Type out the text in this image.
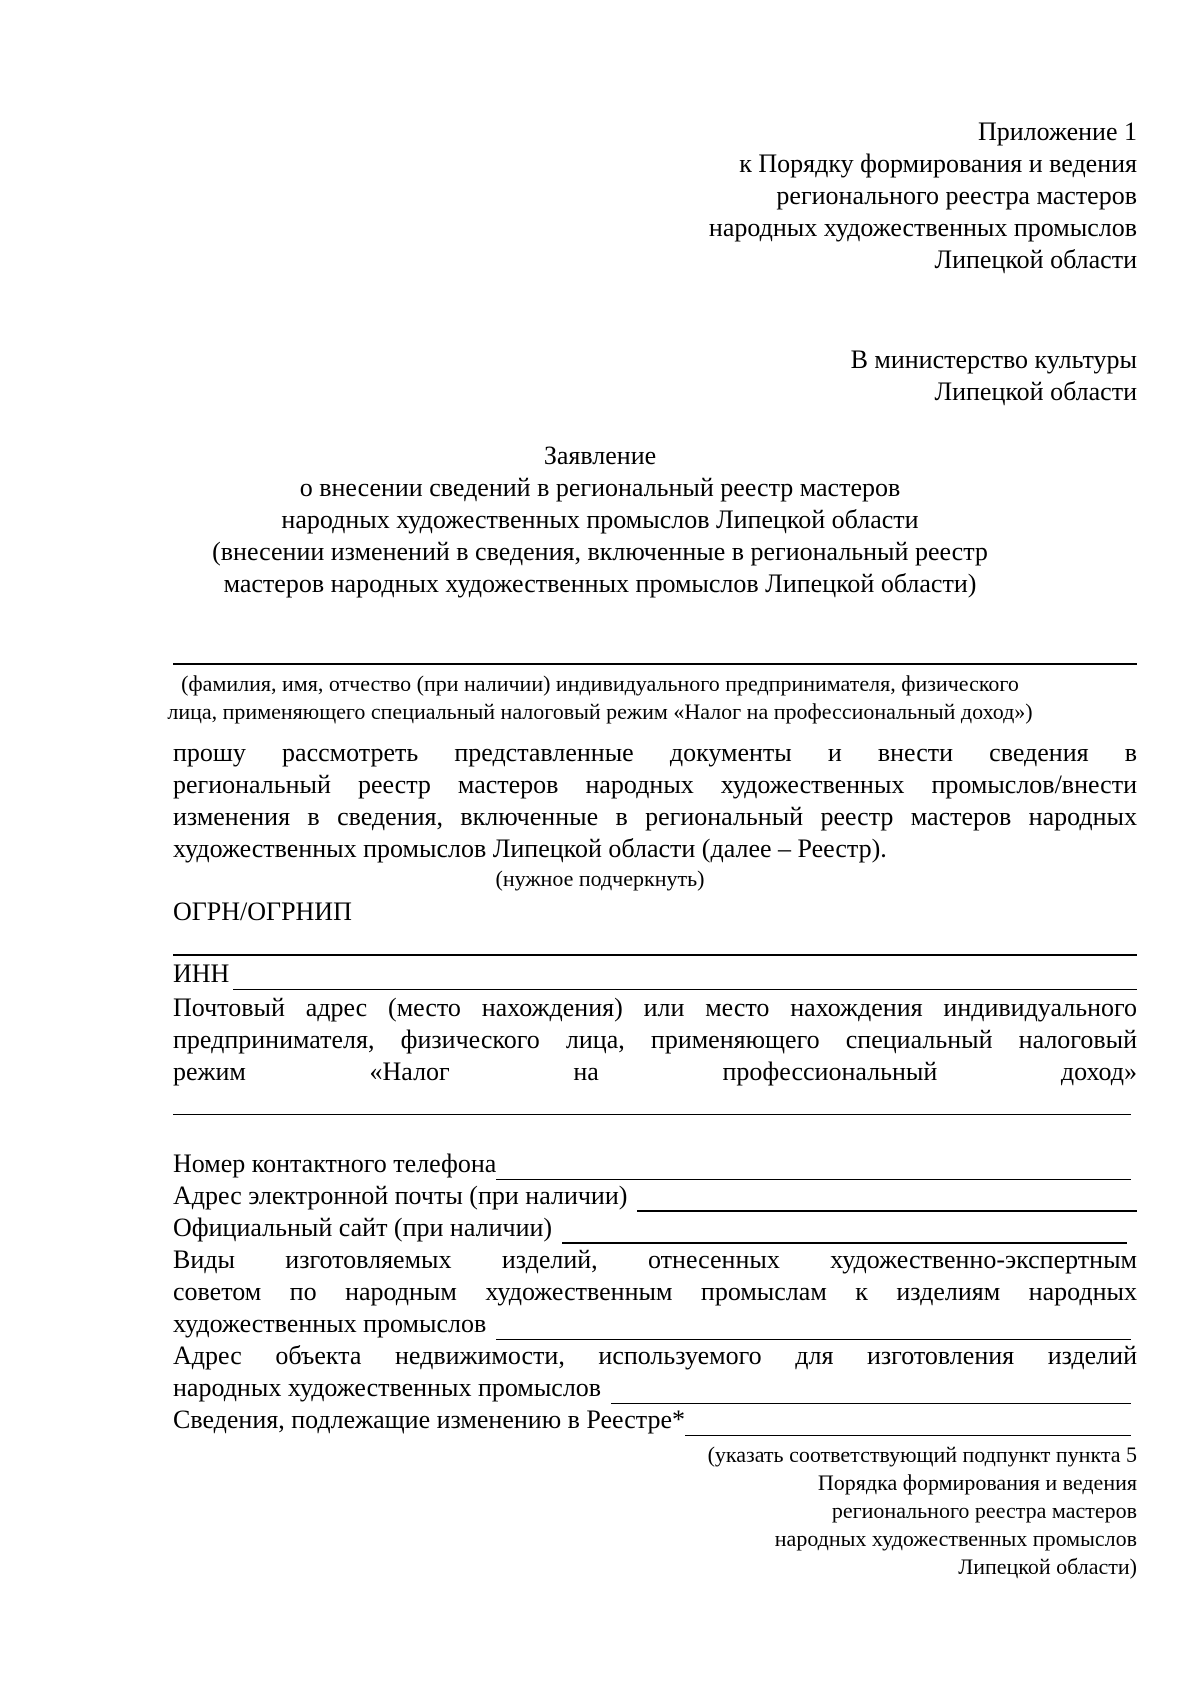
Приложение 1
к Порядку формирования и ведения
регионального реестра мастеров
народных художественных промыслов
Липецкой области
В министерство культуры
Липецкой области
Заявление
о внесении сведений в региональный реестр мастеров
народных художественных промыслов Липецкой области
(внесении изменений в сведения, включенные в региональный реестр
мастеров народных художественных промыслов Липецкой области)
(фамилия, имя, отчество (при наличии) индивидуального предпринимателя, физического
лица, применяющего специальный налоговый режим «Налог на профессиональный доход»)
прошу рассмотреть представленные документы и внести сведения в
региональный реестр мастеров народных художественных промыслов/внести
изменения в сведения, включенные в региональный реестр мастеров народных
художественных промыслов Липецкой области (далее – Реестр).
(нужное подчеркнуть)
ОГРН/ОГРНИП
ИНН
Почтовый адрес (место нахождения) или место нахождения индивидуального
предпринимателя, физического лица, применяющего специальный налоговый
режим	«Налог	на	профессиональный	доход»
Номер контактного телефона
Адрес электронной почты (при наличии)
Официальный сайт (при наличии)
Виды изготовляемых изделий, отнесенных художественно-экспертным
советом по народным художественным промыслам к изделиям народных
художественных промыслов
Адрес объекта недвижимости, используемого для изготовления изделий
народных художественных промыслов
Сведения, подлежащие изменению в Реестре*
(указать соответствующий подпункт пункта 5
Порядка формирования и ведения
регионального реестра мастеров
народных художественных промыслов
Липецкой области)
